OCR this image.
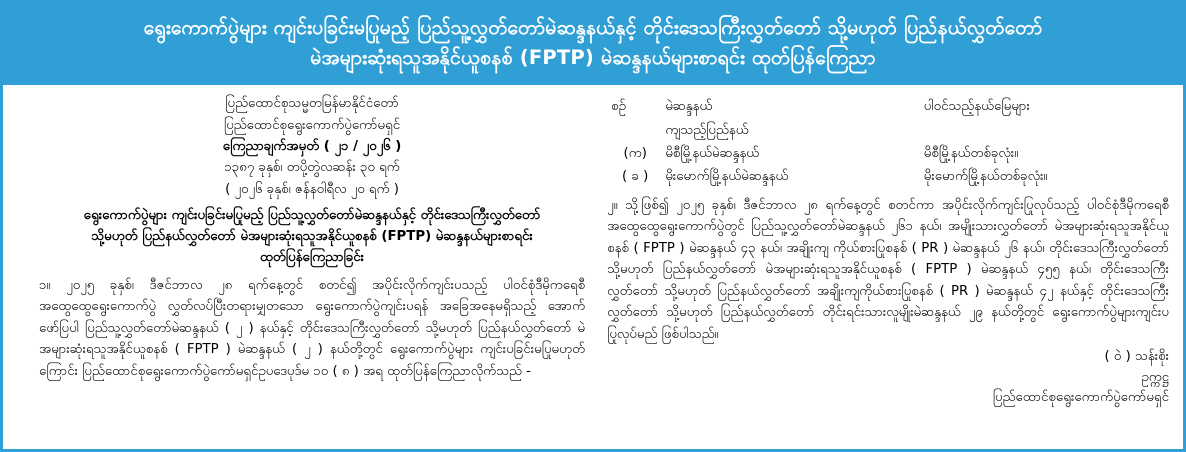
ရွေးကောက်ပွဲများ ကျင်းပခြင်းမပြုမည့် ပြည်သူ့လွှတ်တော်မဲဆန္ဒနယ်နှင့် တိုင်းဒေသကြီးလွှတ်တော် သို့မဟုတ် ပြည်နယ်လွှတ်တော်
မဲအများဆုံးရသူအနိုင်ယူစနစ် (FPTP) မဲဆန္ဒနယ်များစာရင်း ထုတ်ပြန်ကြေညာ
ပြည်ထောင်စုသမ္မတမြန်မာနိုင်ငံတော်
ပြည်ထောင်စုရွေးကောက်ပွဲကော်မရှင်
ကြေညာချက်အမှတ် ( ၂၁ / ၂၀၂၆ )
၁၃၈၇ ခုနှစ်၊ တပို့တွဲလဆန်း ၃၀ ရက်
( ၂၀၂၆ ခုနှစ်၊ ဇန်နဝါရီလ ၂၀ ရက် )
ရွေးကောက်ပွဲများ ကျင်းပခြင်းမပြုမည့် ပြည်သူ့လွှတ်တော်မဲဆန္ဒနယ်နှင့် တိုင်းဒေသကြီးလွှတ်တော်
သို့မဟုတ် ပြည်နယ်လွှတ်တော် မဲအများဆုံးရသူအနိုင်ယူစနစ် (FPTP) မဲဆန္ဒနယ်များစာရင်း
ထုတ်ပြန်ကြေညာခြင်း
၁။ ၂၀၂၅ ခုနှစ်၊ ဒီဇင်ဘာလ ၂၈ ရက်နေ့တွင် စတင်၍ အပိုင်းလိုက်ကျင်းပသည့် ပါဝင်စုံဒီမိုကရေစီအထွေထွေရွေးကောက်ပွဲ လွှတ်လပ်ပြီးတရားမျှတသော ရွေးကောက်ပွဲကျင်းပရန် အခြေအနေမရှိသည့် အောက်ဖော်ပြပါ ပြည်သူ့လွှတ်တော်မဲဆန္ဒနယ် ( ၂ ) နယ်နှင့် တိုင်းဒေသကြီးလွှတ်တော် သို့မဟုတ် ပြည်နယ်လွှတ်တော် မဲအများဆုံးရသူအနိုင်ယူစနစ် ( FPTP ) မဲဆန္ဒနယ် ( ၂ ) နယ်တို့တွင် ရွေးကောက်ပွဲများ ကျင်းပခြင်းမပြုမဟုတ်ကြောင်း ပြည်ထောင်စုရွေးကောက်ပွဲကော်မရှင်ဥပဒေပုဒ်မ ၁၀ ( ၈ ) အရ ထုတ်ပြန်ကြေညာလိုက်သည် -
စဉ်	မဲဆန္ဒနယ်	ပါဝင်သည့်နယ်မြေများ
	ကျသည့်ပြည်နယ်	
(က)	မိစီမြို့နယ်မဲဆန္ဒနယ်	မိစီမြို့နယ်တစ်ခုလုံး။
( ခ )	မိုးမောက်မြို့နယ်မဲဆန္ဒနယ်	မိုးမောက်မြို့နယ်တစ်ခုလုံး။
၂။ သို့ဖြစ်၍ ၂၀၂၅ ခုနှစ်၊ ဒီဇင်ဘာလ ၂၈ ရက်နေ့တွင် စတင်ကာ အပိုင်းလိုက်ကျင်းပြုလုပ်သည့် ပါဝင်စုံဒီမိုကရေစီအထွေထွေရွေးကောက်ပွဲတွင် ပြည်သူ့လွှတ်တော်မဲဆန္ဒနယ် ၂၆၁ နယ်၊ အမျိုးသားလွှတ်တော် မဲအများဆုံးရသူအနိုင်ယူစနစ် ( FPTP ) မဲဆန္ဒနယ် ၄၃ နယ်၊ အချိုးကျ ကိုယ်စားပြုစနစ် ( PR ) မဲဆန္ဒနယ် ၂၆ နယ်၊ တိုင်းဒေသကြီးလွှတ်တော် သို့မဟုတ် ပြည်နယ်လွှတ်တော် မဲအများဆုံးရသူအနိုင်ယူစနစ် ( FPTP ) မဲဆန္ဒနယ် ၄၅၅ နယ်၊ တိုင်းဒေသကြီးလွှတ်တော် သို့မဟုတ် ပြည်နယ်လွှတ်တော် အချိုးကျကိုယ်စားပြုစနစ် ( PR ) မဲဆန္ဒနယ် ၄၂ နယ်နှင့် တိုင်းဒေသကြီးလွှတ်တော် သို့မဟုတ် ပြည်နယ်လွှတ်တော် တိုင်းရင်းသားလူမျိုးမဲဆန္ဒနယ် ၂၉ နယ်တို့တွင် ရွေးကောက်ပွဲများကျင်းပပြုလုပ်မည် ဖြစ်ပါသည်။
( ဝဲ ) သန်းစိုး
ဥက္ကဋ္ဌ
ပြည်ထောင်စုရွေးကောက်ပွဲကော်မရှင်
